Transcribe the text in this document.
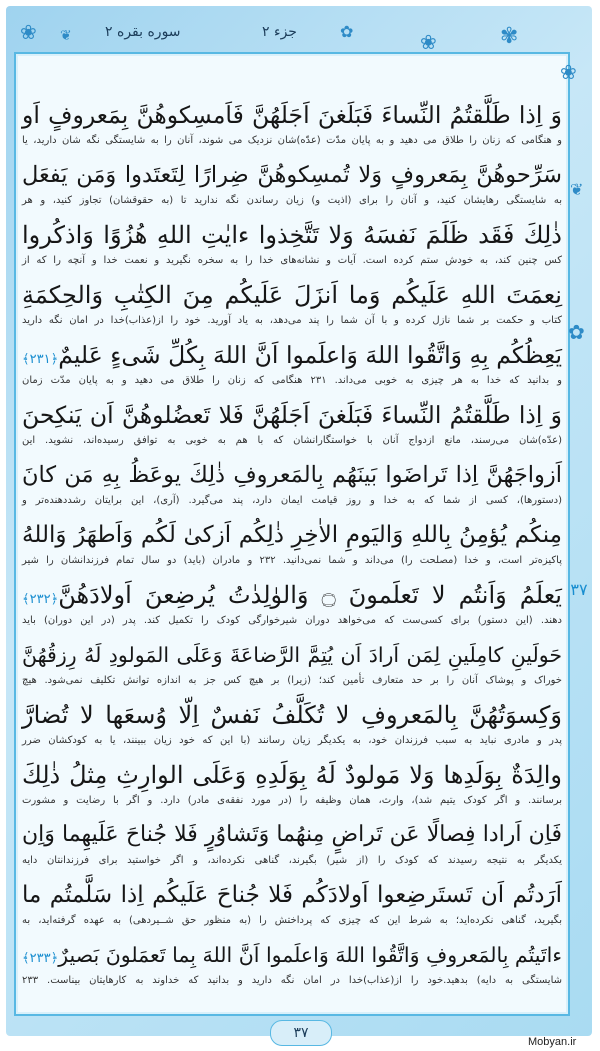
❀ ❦	✿	❀	✾
❀
❦
✿
جزء ۲
سوره بقره ۲
وَ اِذا طَلَّقتُمُ النِّساءَ فَبَلَغنَ اَجَلَهُنَّ فَاَمسِكوهُنَّ بِمَعروفٍ اَو
و هنگامی که زنان را طلاق می دهید و به پایان مدّت (عدّه)شان نزدیک می شوند، آنان را به شایستگی نگه شان دارید، یا
سَرِّحوهُنَّ بِمَعروفٍ وَلا تُمسِكوهُنَّ ضِرارًا لِتَعتَدوا وَمَن يَفعَل
به شایستگی رهایشان کنید، و آنان را برای (اذیت و) زیان رساندن نگه ندارید تا (به حقوقشان) تجاوز کنید، و هر
ذٰلِكَ فَقَد ظَلَمَ نَفسَهُ وَلا تَتَّخِذوا ءايٰتِ اللهِ هُزُوًا وَاذكُروا
کس چنین کند، به خودش ستم کرده است. آیات و نشانه‌های خدا را به سخره نگیرید و نعمت خدا و آنچه را که از
نِعمَتَ اللهِ عَلَيكُم وَما اَنزَلَ عَلَيكُم مِنَ الكِتٰبِ وَالحِكمَةِ
کتاب و حکمت بر شما نازل کرده و با آن شما را پند می‌دهد، به یاد آورید. خود را از(عذاب)خدا در امان نگه دارید
يَعِظُكُم بِهِ وَاتَّقُوا اللهَ وَاعلَموا اَنَّ اللهَ بِكُلِّ شَىءٍ عَليمٌ﴿۲۳۱﴾
و بدانید که خدا به هر چیزی به خوبی می‌داند. ۲۳۱ هنگامی که زنان را طلاق می دهید و به پایان مدّت زمان
وَ اِذا طَلَّقتُمُ النِّساءَ فَبَلَغنَ اَجَلَهُنَّ فَلا تَعضُلوهُنَّ اَن يَنكِحنَ
(عدّه)شان می‌رسند، مانع ازدواج آنان با خواستگارانشان که با هم به خوبی به توافق رسیده‌اند، نشوید. این
اَزواجَهُنَّ اِذا تَراضَوا بَينَهُم بِالمَعروفِ ذٰلِكَ يوعَظُ بِهِ مَن كانَ
(دستورها)، کسی از شما که به خدا و روز قیامت ایمان دارد، پند می‌گیرد. (آری)، این برایتان رشددهنده‌تر و
مِنكُم يُؤمِنُ بِاللهِ وَاليَومِ الاٰخِرِ ذٰلِكُم اَزكىٰ لَكُم وَاَطهَرُ وَاللهُ
پاکیزه‌تر است، و خدا (مصلحت را) می‌داند و شما نمی‌دانید. ۲۳۲ و مادران (باید) دو سال تمام فرزندانشان را شیر
يَعلَمُ وَاَنتُم لا تَعلَمونَ ۝ وَالوٰلِدٰتُ يُرضِعنَ اَولادَهُنَّ﴿۲۳۲﴾
دهند. (این دستور) برای کسی‌ست که می‌خواهد دوران شیرخوارگی کودک را تکمیل کند. پدر (در این دوران) باید
حَولَينِ كامِلَينِ لِمَن اَرادَ اَن يُتِمَّ الرَّضاعَةَ وَعَلَى المَولودِ لَهُ رِزقُهُنَّ
خوراک و پوشاک آنان را بر حد متعارف تأمین کند؛ (زیرا) بر هیچ کس جز به اندازه توانش تکلیف نمی‌شود. هیچ
وَكِسوَتُهُنَّ بِالمَعروفِ لا تُكَلَّفُ نَفسٌ اِلّا وُسعَها لا تُضارَّ
پدر و مادری نباید به سبب فرزندان خود، به یکدیگر زیان رسانند (با این که خود زیان ببینند، یا به کودکشان ضرر
والِدَةٌ بِوَلَدِها وَلا مَولودٌ لَهُ بِوَلَدِهِ وَعَلَى الوارِثِ مِثلُ ذٰلِكَ
برسانند. و اگر کودک یتیم شد)، وارث، همان وظیفه را (در مورد نفقه‌ی مادر) دارد. و اگر با رضایت و مشورت
فَاِن اَرادا فِصالًا عَن تَراضٍ مِنهُما وَتَشاوُرٍ فَلا جُناحَ عَلَيهِما وَاِن
یکدیگر به نتیجه رسیدند که کودک را (از شیر) بگیرند، گناهی نکرده‌اند، و اگر خواستید برای فرزندانتان دایه
اَرَدتُم اَن تَستَرضِعوا اَولادَكُم فَلا جُناحَ عَلَيكُم اِذا سَلَّمتُم ما
بگیرید، گناهی نکرده‌اید؛ به شرط این که چیزی که پرداختش را (به منظور حق شــیردهی) به عهده گرفته‌اید، به
ءاتَيتُم بِالمَعروفِ وَاتَّقُوا اللهَ وَاعلَموا اَنَّ اللهَ بِما تَعمَلونَ بَصيرٌ﴿۲۳۳﴾
شایستگی به دایه) بدهید.خود را از(عذاب)خدا در امان نگه دارید و بدانید که خداوند به کارهایتان بیناست. ۲۳۳
۳۷
۳۷
Mobyan.ir
